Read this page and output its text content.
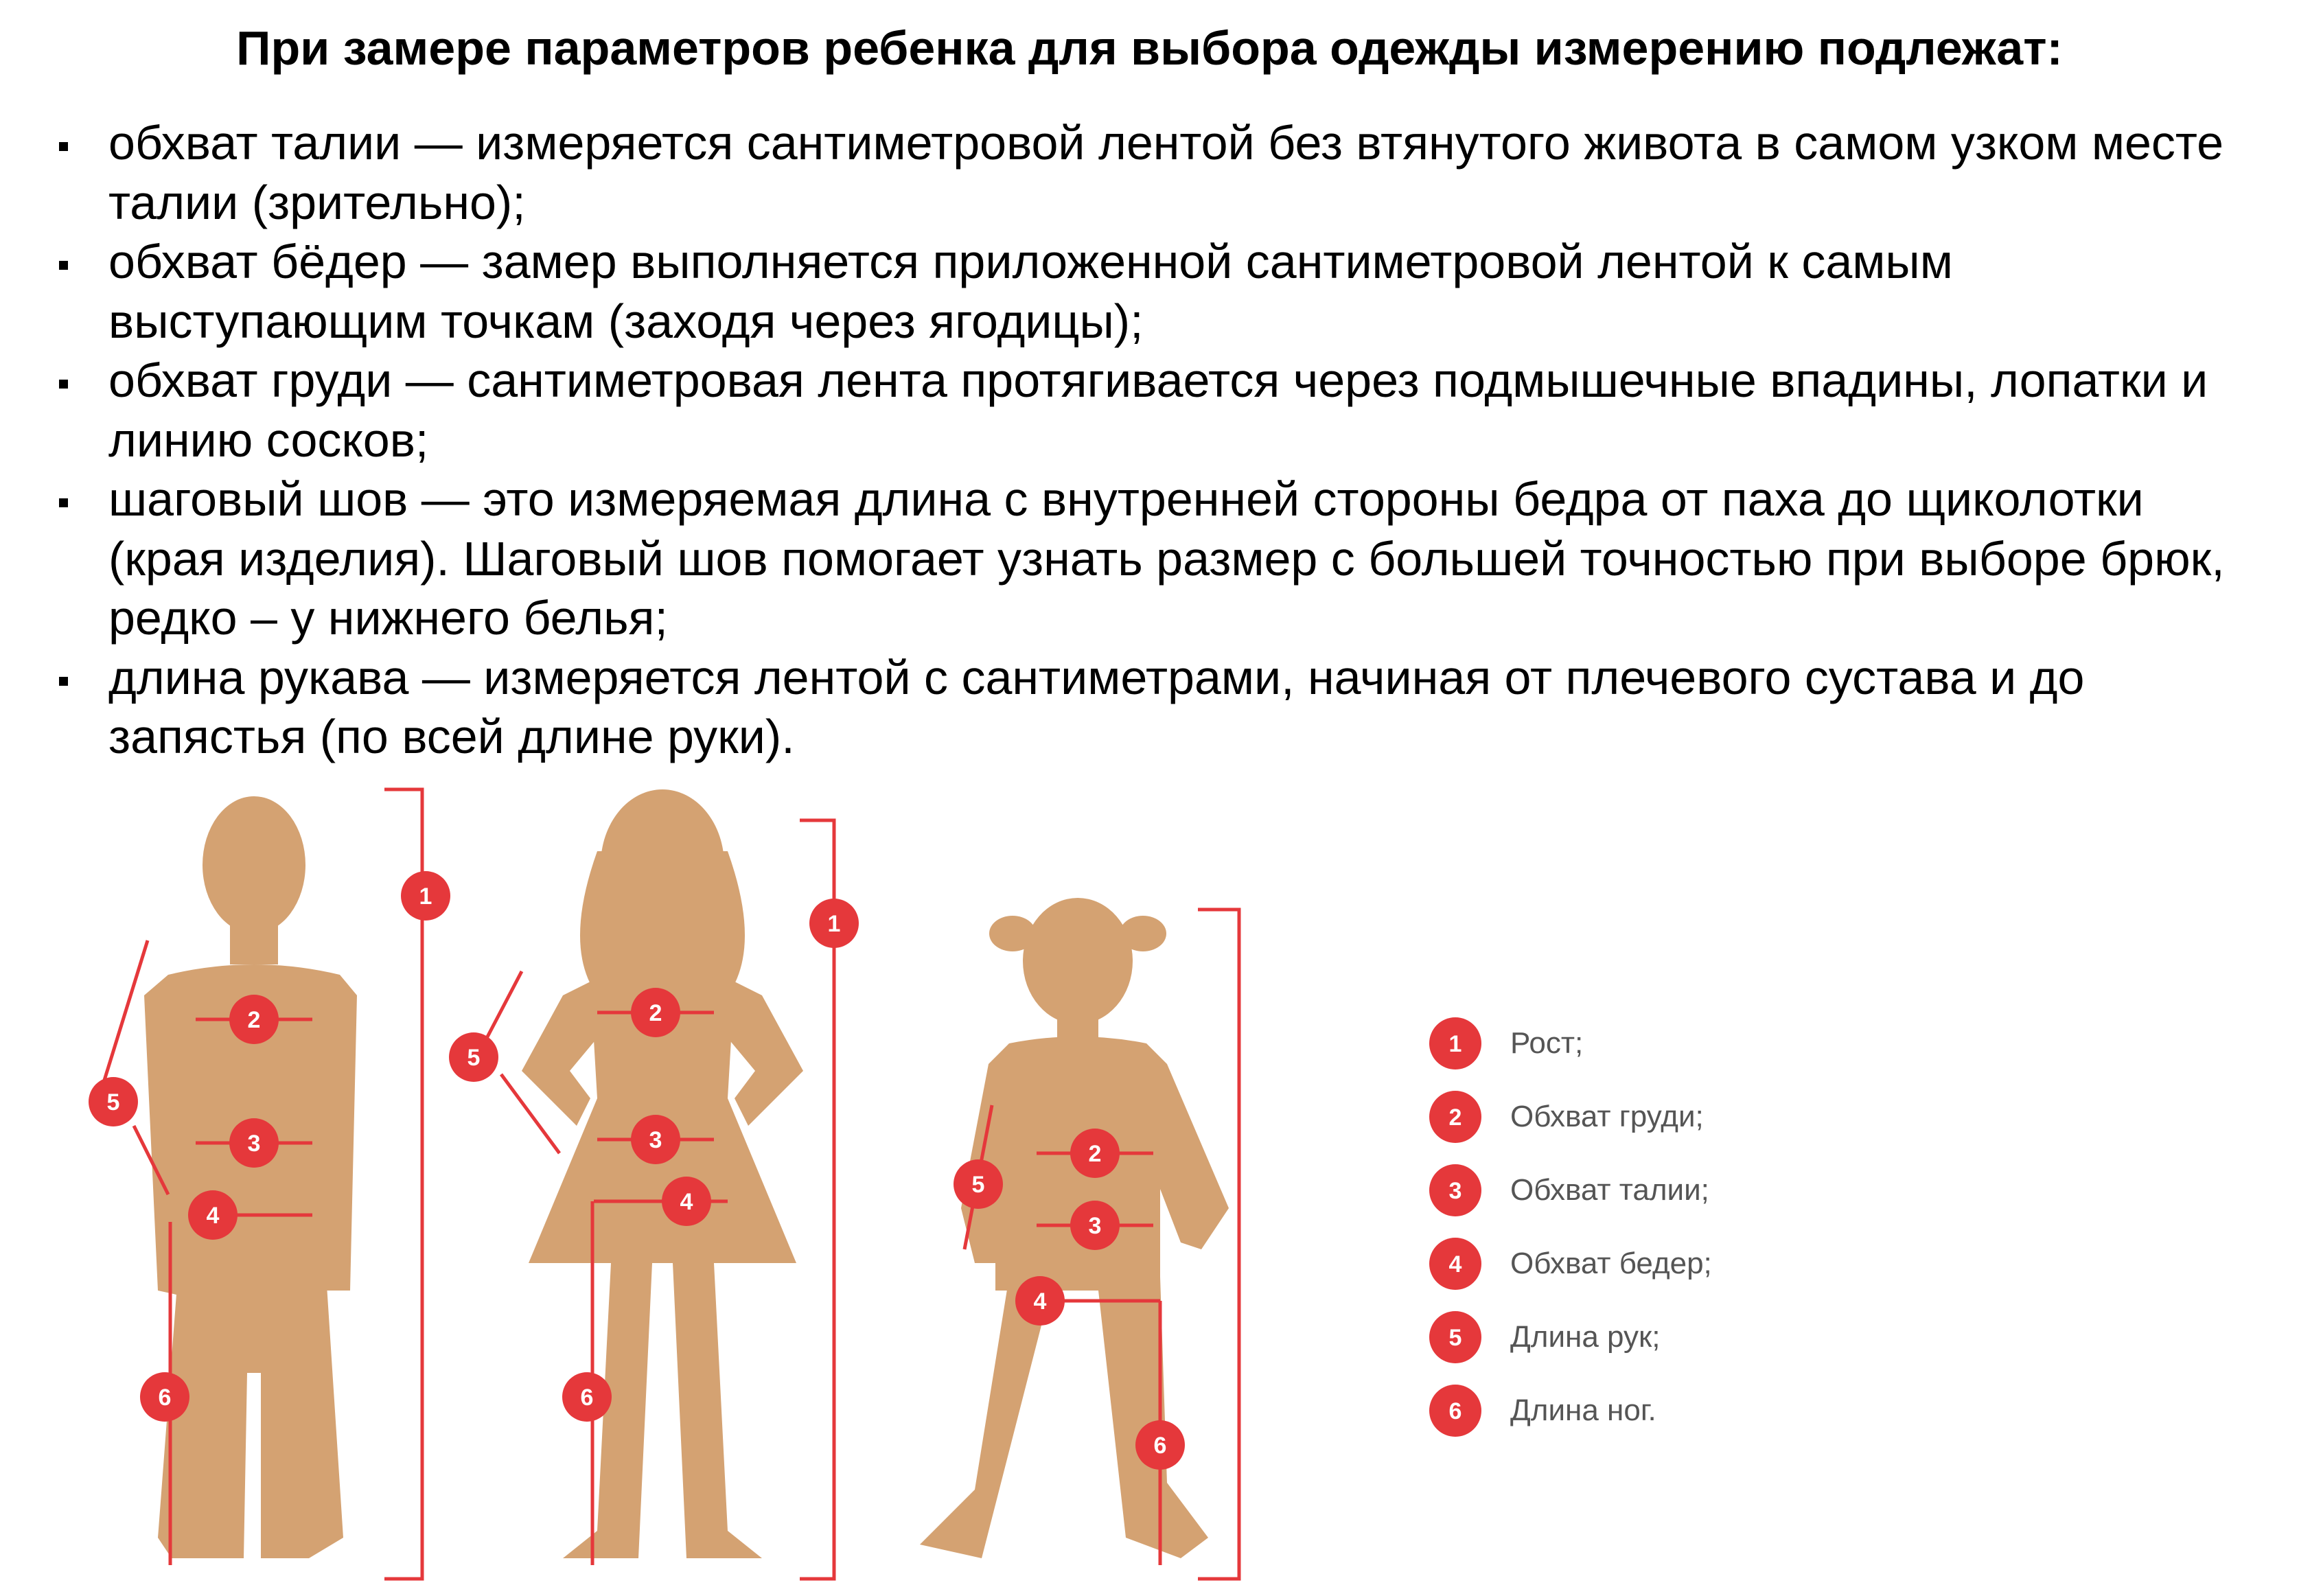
При замере параметров ребенка для выбора одежды измерению подлежат:
обхват талии — измеряется сантиметровой лентой без втянутого живота в самом узком месте талии (зрительно);
обхват бёдер — замер выполняется приложенной сантиметровой лентой к самым выступающим точкам (заходя через ягодицы);
обхват груди — сантиметровая лента протягивается через подмышечные впадины, лопатки и линию сосков;
шаговый шов — это измеряемая длина с внутренней стороны бедра от паха до щиколотки (края изделия). Шаговый шов помогает узнать размер с большей точностью при выборе брюк, редко – у нижнего белья;
длина рукава — измеряется лентой с сантиметрами, начиная от плечевого сустава и до запястья (по всей длине руки).
1
2
3
4
5
6
1
2
3
4
5
6
2
3
4
5
6
1 Рост;
2 Обхват груди;
3 Обхват талии;
4 Обхват бедер;
5 Длина рук;
6 Длина ног.
